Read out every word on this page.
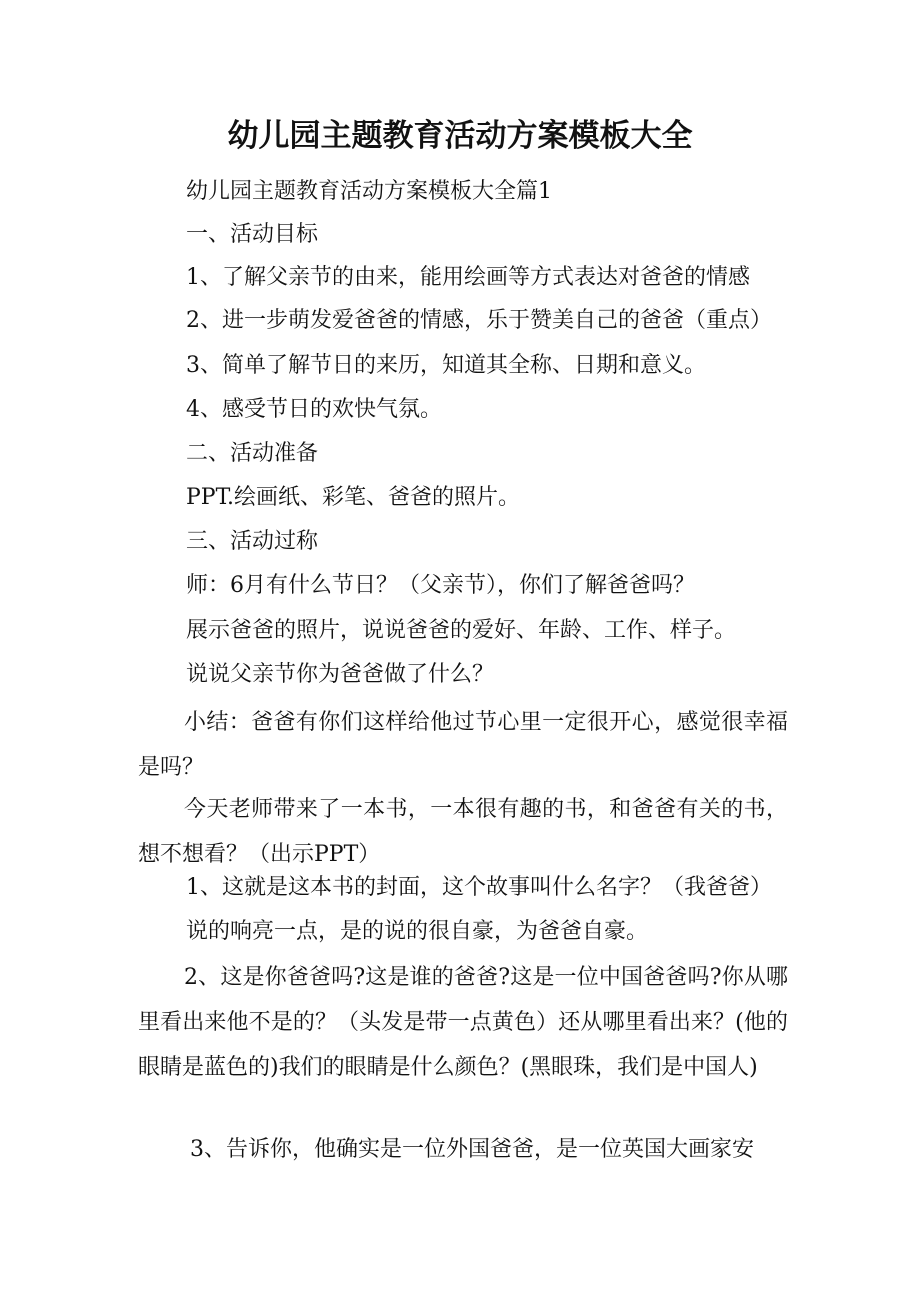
幼儿园主题教育活动方案模板大全
幼儿园主题教育活动方案模板大全篇1
一、活动目标
1、了解父亲节的由来，能用绘画等方式表达对爸爸的情感
2、进一步萌发爱爸爸的情感，乐于赞美自己的爸爸（重点）
3、简单了解节日的来历，知道其全称、日期和意义。
4、感受节日的欢快气氛。
二、活动准备
PPT.绘画纸、彩笔、爸爸的照片。
三、活动过称
师：6月有什么节日？（父亲节），你们了解爸爸吗？
展示爸爸的照片，说说爸爸的爱好、年龄、工作、样子。
说说父亲节你为爸爸做了什么？
小结：爸爸有你们这样给他过节心里一定很开心，感觉很幸福是吗？
今天老师带来了一本书，一本很有趣的书，和爸爸有关的书，想不想看？（出示PPT）
1、这就是这本书的封面，这个故事叫什么名字？（我爸爸）
说的响亮一点，是的说的很自豪，为爸爸自豪。
2、这是你爸爸吗?这是谁的爸爸?这是一位中国爸爸吗?你从哪里看出来他不是的？（头发是带一点黄色）还从哪里看出来？(他的眼睛是蓝色的)我们的眼睛是什么颜色？(黑眼珠，我们是中国人)
3、告诉你，他确实是一位外国爸爸，是一位英国大画家安
